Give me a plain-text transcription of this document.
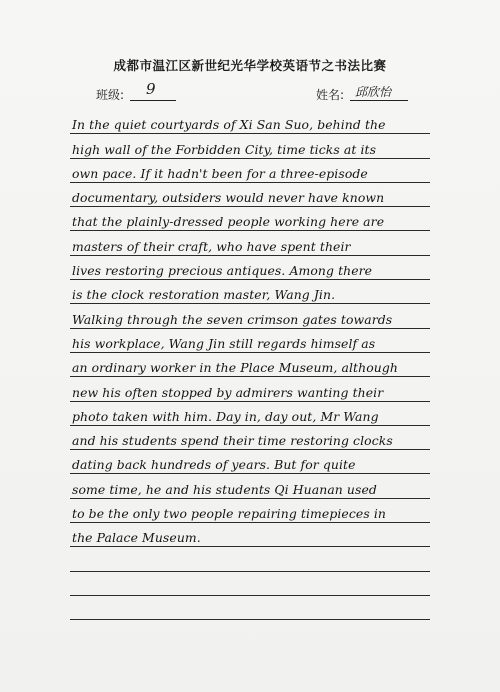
成都市温江区新世纪光华学校英语节之书法比赛
班级: 9	姓名: 邱欣怡
In the quiet courtyards of Xi San Suo, behind the
high wall of the Forbidden City, time ticks at its
own pace. If it hadn't been for a three-episode
documentary, outsiders would never have known
that the plainly-dressed people working here are
masters of their craft, who have spent their
lives restoring precious antiques. Among there
is the clock restoration master, Wang Jin.
Walking through the seven crimson gates towards
his workplace, Wang Jin still regards himself as
an ordinary worker in the Place Museum, although
new his often stopped by admirers wanting their
photo taken with him. Day in, day out, Mr Wang
and his students spend their time restoring clocks
dating back hundreds of years. But for quite
some time, he and his students Qi Huanan used
to be the only two people repairing timepieces in
the Palace Museum.
